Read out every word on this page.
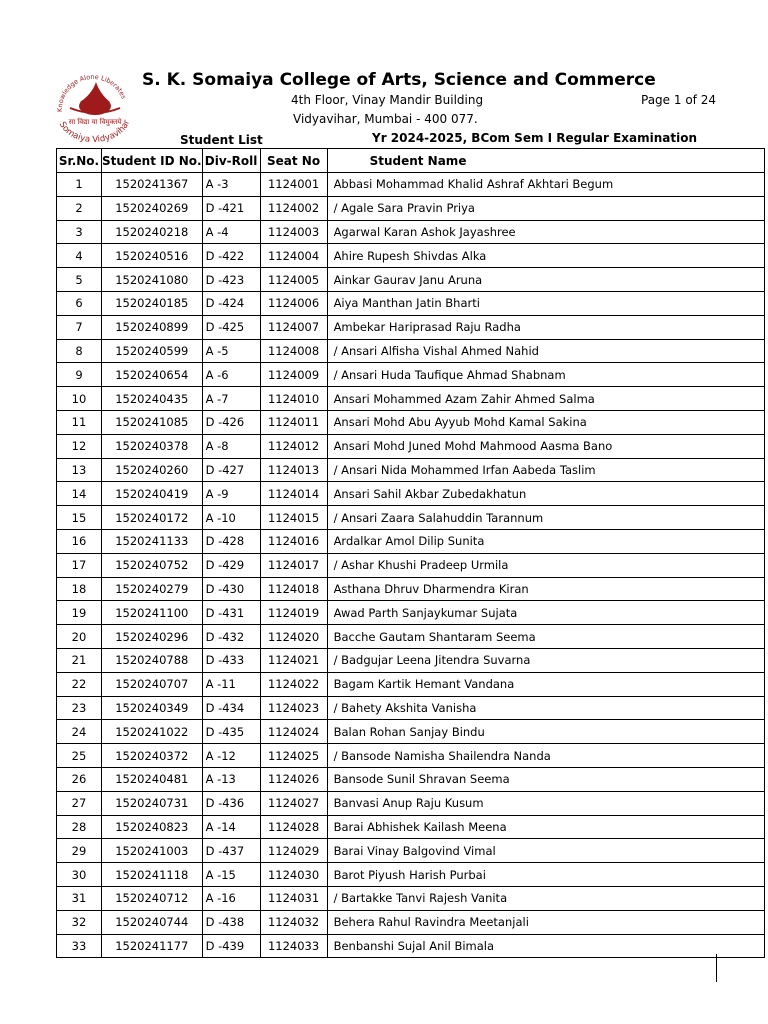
Knowledge Alone Liberates
सा विद्या या विमुक्तये
Somaiya Vidyavihar
S. K. Somaiya College of Arts, Science and Commerce
4th Floor, Vinay Mandir Building
Vidyavihar, Mumbai - 400 077.
Page 1 of 24
Student List	Yr 2024-2025, BCom Sem I Regular Examination
Sr.No.	Student ID No.	Div-Roll	Seat No	Student Name
1	1520241367	A -3	1124001	Abbasi Mohammad Khalid Ashraf Akhtari Begum
2	1520240269	D -421	1124002	/ Agale Sara Pravin Priya
3	1520240218	A -4	1124003	Agarwal Karan Ashok Jayashree
4	1520240516	D -422	1124004	Ahire Rupesh Shivdas Alka
5	1520241080	D -423	1124005	Ainkar Gaurav Janu Aruna
6	1520240185	D -424	1124006	Aiya Manthan Jatin Bharti
7	1520240899	D -425	1124007	Ambekar Hariprasad Raju Radha
8	1520240599	A -5	1124008	/ Ansari Alfisha Vishal Ahmed Nahid
9	1520240654	A -6	1124009	/ Ansari Huda Taufique Ahmad Shabnam
10	1520240435	A -7	1124010	Ansari Mohammed Azam Zahir Ahmed Salma
11	1520241085	D -426	1124011	Ansari Mohd Abu Ayyub Mohd Kamal Sakina
12	1520240378	A -8	1124012	Ansari Mohd Juned Mohd Mahmood Aasma Bano
13	1520240260	D -427	1124013	/ Ansari Nida Mohammed Irfan Aabeda Taslim
14	1520240419	A -9	1124014	Ansari Sahil Akbar Zubedakhatun
15	1520240172	A -10	1124015	/ Ansari Zaara Salahuddin Tarannum
16	1520241133	D -428	1124016	Ardalkar Amol Dilip Sunita
17	1520240752	D -429	1124017	/ Ashar Khushi Pradeep Urmila
18	1520240279	D -430	1124018	Asthana Dhruv Dharmendra Kiran
19	1520241100	D -431	1124019	Awad Parth Sanjaykumar Sujata
20	1520240296	D -432	1124020	Bacche Gautam Shantaram Seema
21	1520240788	D -433	1124021	/ Badgujar Leena Jitendra Suvarna
22	1520240707	A -11	1124022	Bagam Kartik Hemant Vandana
23	1520240349	D -434	1124023	/ Bahety Akshita Vanisha
24	1520241022	D -435	1124024	Balan Rohan Sanjay Bindu
25	1520240372	A -12	1124025	/ Bansode Namisha Shailendra Nanda
26	1520240481	A -13	1124026	Bansode Sunil Shravan Seema
27	1520240731	D -436	1124027	Banvasi Anup Raju Kusum
28	1520240823	A -14	1124028	Barai Abhishek Kailash Meena
29	1520241003	D -437	1124029	Barai Vinay Balgovind Vimal
30	1520241118	A -15	1124030	Barot Piyush Harish Purbai
31	1520240712	A -16	1124031	/ Bartakke Tanvi Rajesh Vanita
32	1520240744	D -438	1124032	Behera Rahul Ravindra Meetanjali
33	1520241177	D -439	1124033	Benbanshi Sujal Anil Bimala
